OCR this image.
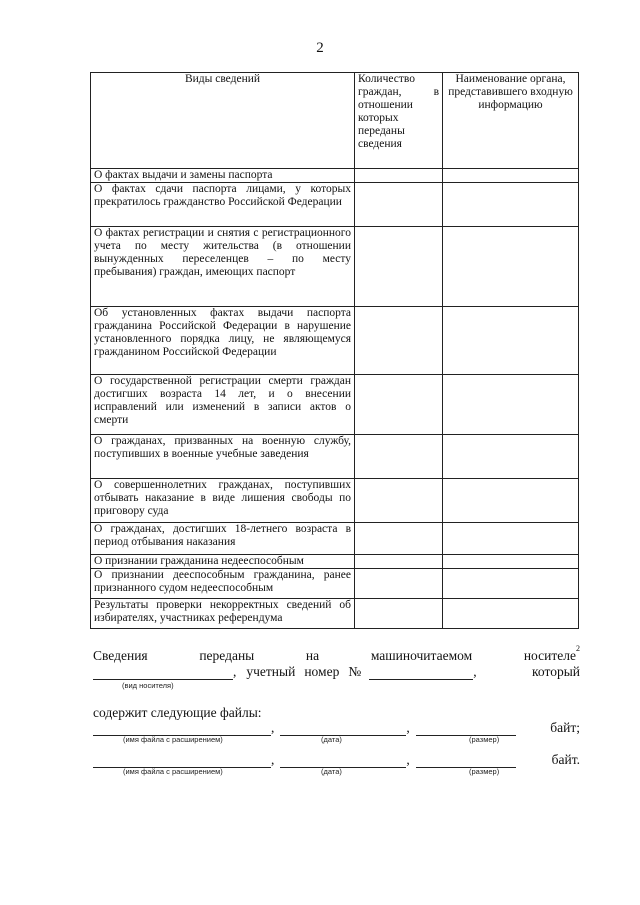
2
Виды сведений	Количество граждан, в отношении которых переданы сведения	Наименование органа, представившего входную информацию
О фактах выдачи и замены паспорта		
О фактах сдачи паспорта лицами, у которых прекратилось гражданство Российской Федерации		
О фактах регистрации и снятия с регистрационного учета по месту жительства (в отношении вынужденных переселенцев – по месту пребывания) граждан, имеющих паспорт		
Об установленных фактах выдачи паспорта гражданина Российской Федерации в нарушение установленного порядка лицу, не являющемуся гражданином Российской Федерации		
О государственной регистрации смерти граждан достигших возраста 14 лет, и о внесении исправлений или изменений в записи актов о смерти		
О гражданах, призванных на военную службу, поступивших в военные учебные заведения		
О совершеннолетних гражданах, поступивших отбывать наказание в виде лишения свободы по приговору суда		
О гражданах, достигших 18-летнего возраста в период отбывания наказания		
О признании гражданина недееспособным		
О признании дееспособным гражданина, ранее признанного судом недееспособным		
Результаты проверки некорректных сведений об избирателях, участниках референдума		
Сведения	переданы	на	машиночитаемом	носителе$^2$
, учетный номер №	,	который
(вид носителя)
содержит следующие файлы:
,	,	байт;
(имя файла с расширением)	(дата)	(размер)
,	,	байт.
(имя файла с расширением)	(дата)	(размер)
